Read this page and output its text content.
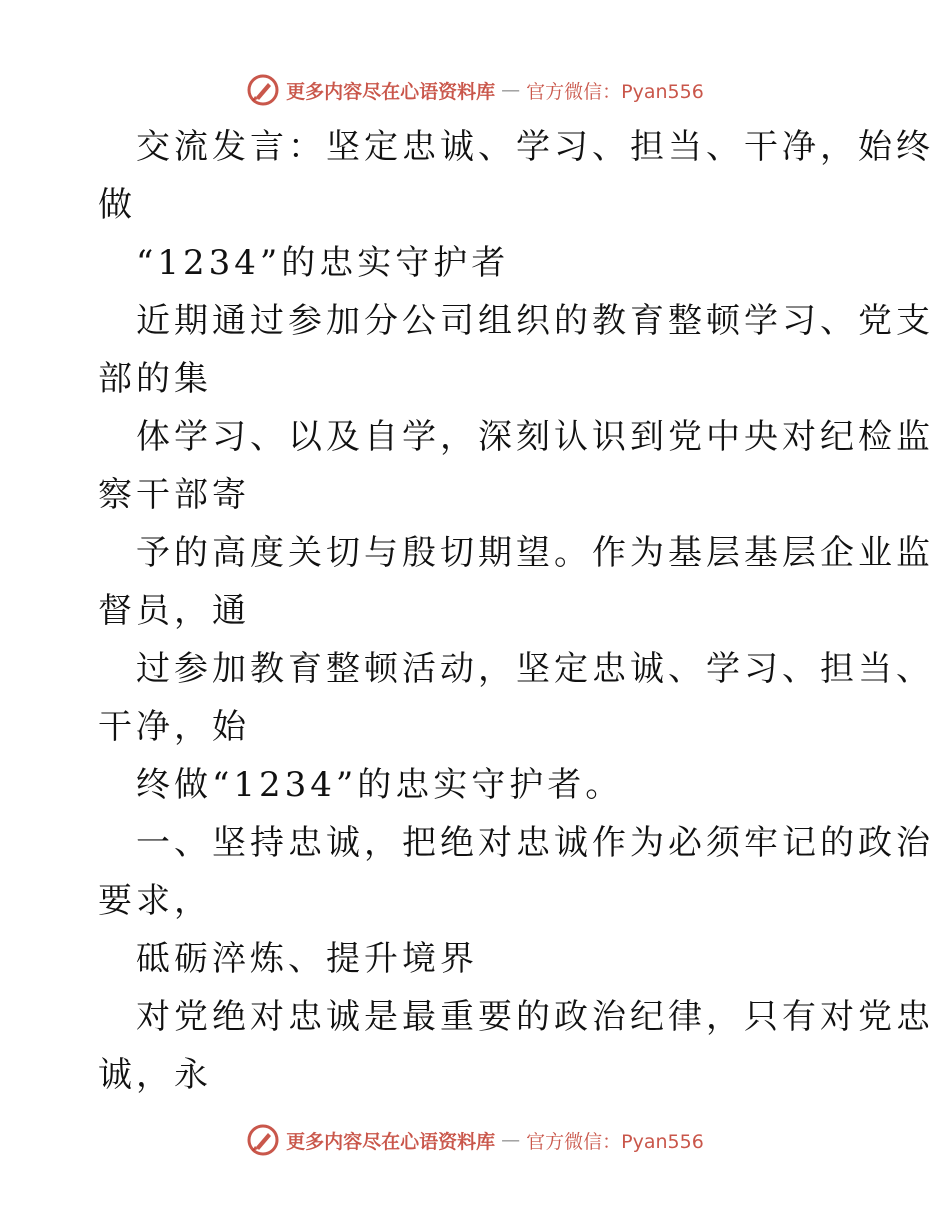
更多内容尽在心语资料库 — 官方微信：Pyan556
交流发言：坚定忠诚、学习、担当、干净，始终
做
“1234”的忠实守护者
近期通过参加分公司组织的教育整顿学习、党支
部的集
体学习、以及自学，深刻认识到党中央对纪检监
察干部寄
予的高度关切与殷切期望。作为基层基层企业监
督员，通
过参加教育整顿活动，坚定忠诚、学习、担当、
干净，始
终做“1234”的忠实守护者。
一、坚持忠诚，把绝对忠诚作为必须牢记的政治
要求，
砥砺淬炼、提升境界
对党绝对忠诚是最重要的政治纪律，只有对党忠
诚，永
更多内容尽在心语资料库 — 官方微信：Pyan556
